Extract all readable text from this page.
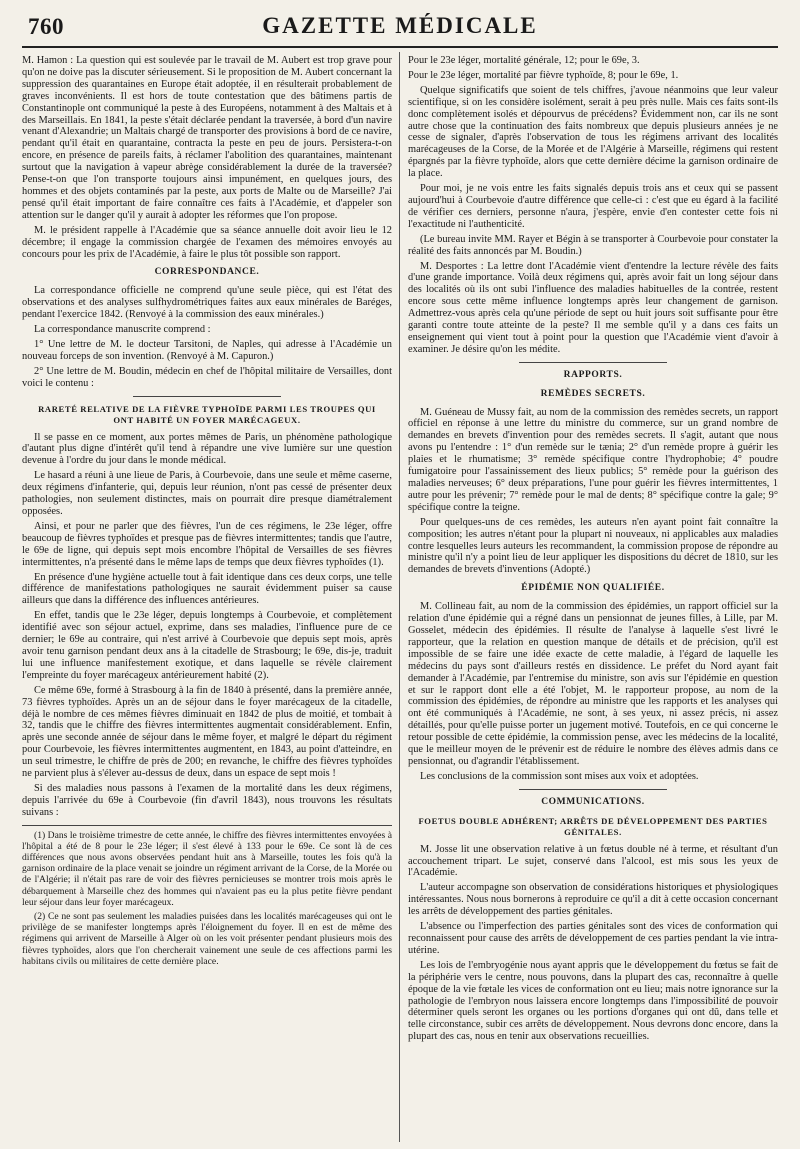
760	GAZETTE MÉDICALE

M. Hamon : La question qui est soulevée par le travail de M. Aubert est trop grave pour qu'on ne doive pas la discuter sérieusement. Si le proposition de M. Aubert concernant la suppression des quarantaines en Europe était adoptée, il en résulterait probablement de graves inconvénients. Il est hors de toute contestation que des bâtimens partis de Constantinople ont communiqué la peste à des Européens, notamment à des Maltais et à des Marseillais. En 1841, la peste s'était déclarée pendant la traversée, à bord d'un navire venant d'Alexandrie; un Maltais chargé de transporter des provisions à bord de ce navire, pendant qu'il était en quarantaine, contracta la peste en peu de jours. Persistera-t-on encore, en présence de pareils faits, à réclamer l'abolition des quarantaines, maintenant surtout que la navigation à vapeur abrège considérablement la durée de la traversée? Pense-t-on que l'on transporte toujours ainsi impunément, en quelques jours, des hommes et des objets contaminés par la peste, aux ports de Malte ou de Marseille? J'ai pensé qu'il était important de faire connaître ces faits à l'Académie, et d'appeler son attention sur le danger qu'il y aurait à adopter les réformes que l'on propose.

M. le président rappelle à l'Académie que sa séance annuelle doit avoir lieu le 12 décembre; il engage la commission chargée de l'examen des mémoires envoyés au concours pour les prix de l'Académie, à faire le plus tôt possible son rapport.

CORRESPONDANCE.

La correspondance officielle ne comprend qu'une seule pièce, qui est l'état des observations et des analyses sulfhydrométriques faites aux eaux minérales de Baréges, pendant l'exercice 1842. (Renvoyé à la commission des eaux minérales.)

La correspondance manuscrite comprend :

1° Une lettre de M. le docteur Tarsitoni, de Naples, qui adresse à l'Académie un nouveau forceps de son invention. (Renvoyé à M. Capuron.)

2° Une lettre de M. Boudin, médecin en chef de l'hôpital militaire de Versailles, dont voici le contenu :

RARETÉ RELATIVE DE LA FIÈVRE TYPHOÏDE PARMI LES TROUPES QUI ONT HABITÉ UN FOYER MARÉCAGEUX.

Il se passe en ce moment, aux portes mêmes de Paris, un phénomène pathologique d'autant plus digne d'intérêt qu'il tend à répandre une vive lumière sur une question devenue à l'ordre du jour dans le monde médical.

Le hasard a réuni à une lieue de Paris, à Courbevoie, dans une seule et même caserne, deux régimens d'infanterie, qui, depuis leur réunion, n'ont pas cessé de présenter deux pathologies, non seulement distinctes, mais on pourrait dire presque diamétralement opposées.

Ainsi, et pour ne parler que des fièvres, l'un de ces régimens, le 23e léger, offre beaucoup de fièvres typhoïdes et presque pas de fièvres intermittentes; tandis que l'autre, le 69e de ligne, qui depuis sept mois encombre l'hôpital de Versailles de ses fièvres intermittentes, n'a présenté dans le même laps de temps que deux fièvres typhoïdes (1).

En présence d'une hygiène actuelle tout à fait identique dans ces deux corps, une telle différence de manifestations pathologiques ne saurait évidemment puiser sa cause ailleurs que dans la différence des influences antérieures.

En effet, tandis que le 23e léger, depuis longtemps à Courbevoie, et complètement identifié avec son séjour actuel, exprime, dans ses maladies, l'influence pure de ce dernier; le 69e au contraire, qui n'est arrivé à Courbevoie que depuis sept mois, après avoir tenu garnison pendant deux ans à la citadelle de Strasbourg; le 69e, dis-je, traduit lui une influence manifestement exotique, et dans laquelle se révèle clairement l'empreinte du foyer marécageux antérieurement habité (2).

Ce même 69e, formé à Strasbourg à la fin de 1840 à présenté, dans la première année, 73 fièvres typhoïdes. Après un an de séjour dans le foyer marécageux de la citadelle, déjà le nombre de ces mêmes fièvres diminuait en 1842 de plus de moitié, et tombait à 32, tandis que le chiffre des fièvres intermittentes augmentait considérablement. Enfin, après une seconde année de séjour dans le même foyer, et malgré le départ du régiment pour Courbevoie, les fièvres intermittentes augmentent, en 1843, au point d'atteindre, en un seul trimestre, le chiffre de près de 200; en revanche, le chiffre des fièvres typhoïdes ne parvient plus à s'élever au-dessus de deux, dans un espace de sept mois !

Si des maladies nous passons à l'examen de la mortalité dans les deux régimens, depuis l'arrivée du 69e à Courbevoie (fin d'avril 1843), nous trouvons les résultats suivans :

(1) Dans le troisième trimestre de cette année, le chiffre des fièvres intermittentes envoyées à l'hôpital a été de 8 pour le 23e léger; il s'est élevé à 133 pour le 69e. Ce sont là de ces différences que nous avons observées pendant huit ans à Marseille, toutes les fois qu'à la garnison ordinaire de la place venait se joindre un régiment arrivant de la Corse, de la Morée ou de l'Algérie; il n'était pas rare de voir des fièvres pernicieuses se montrer trois mois après le débarquement à Marseille chez des hommes qui n'avaient pas eu la plus petite fièvre pendant leur séjour dans leur foyer marécageux.

(2) Ce ne sont pas seulement les maladies puisées dans les localités marécageuses qui ont le privilège de se manifester longtemps après l'éloignement du foyer. Il en est de même des régimens qui arrivent de Marseille à Alger où on les voit présenter pendant plusieurs mois des fièvres typhoïdes, alors que l'on chercherait vainement une seule de ces affections parmi les habitans civils ou militaires de cette dernière place.

Pour le 23e léger, mortalité générale, 12; pour le 69e, 3.

Pour le 23e léger, mortalité par fièvre typhoïde, 8; pour le 69e, 1.

Quelque significatifs que soient de tels chiffres, j'avoue néanmoins que leur valeur scientifique, si on les considère isolément, serait à peu près nulle. Mais ces faits sont-ils donc complètement isolés et dépourvus de précédens? Évidemment non, car ils ne sont autre chose que la continuation des faits nombreux que depuis plusieurs années je ne cesse de signaler, d'après l'observation de tous les régimens arrivant des localités marécageuses de la Corse, de la Morée et de l'Algérie à Marseille, régimens qui restent épargnés par la fièvre typhoïde, alors que cette dernière décime la garnison ordinaire de la place.

Pour moi, je ne vois entre les faits signalés depuis trois ans et ceux qui se passent aujourd'hui à Courbevoie d'autre différence que celle-ci : c'est que eu égard à la facilité de vérifier ces derniers, personne n'aura, j'espère, envie d'en contester cette fois ni l'exactitude ni l'authenticité.

(Le bureau invite MM. Rayer et Bégin à se transporter à Courbevoie pour constater la réalité des faits annoncés par M. Boudin.)

M. Desportes : La lettre dont l'Académie vient d'entendre la lecture révèle des faits d'une grande importance. Voilà deux régimens qui, après avoir fait un long séjour dans des localités où ils ont subi l'influence des maladies habituelles de la contrée, restent encore sous cette même influence longtemps après leur changement de garnison. Admettrez-vous après cela qu'une période de sept ou huit jours soit suffisante pour être garanti contre toute atteinte de la peste? Il me semble qu'il y a dans ces faits un enseignement qui vient tout à point pour la question que l'Académie vient d'avoir à examiner. Je désire qu'on les médite.

RAPPORTS.

REMÈDES SECRETS.

M. Guéneau de Mussy fait, au nom de la commission des remèdes secrets, un rapport officiel en réponse à une lettre du ministre du commerce, sur un grand nombre de demandes en brevets d'invention pour des remèdes secrets. Il s'agit, autant que nous avons pu l'entendre : 1° d'un remède sur le tænia; 2° d'un remède propre à guérir les plaies et le rhumatisme; 3° remède spécifique contre l'hydrophobie; 4° poudre fumigatoire pour l'assainissement des lieux publics; 5° remède pour la guérison des maladies nerveuses; 6° deux préparations, l'une pour guérir les fièvres intermittentes, 1 autre pour les prévenir; 7° remède pour le mal de dents; 8° spécifique contre la gale; 9° spécifique contre la teigne.

Pour quelques-uns de ces remèdes, les auteurs n'en ayant point fait connaître la composition; les autres n'étant pour la plupart ni nouveaux, ni applicables aux maladies contre lesquelles leurs auteurs les recommandent, la commission propose de répondre au ministre qu'il n'y a point lieu de leur appliquer les dispositions du décret de 1810, sur les demandes de brevets d'inventions (Adopté.)

ÉPIDÉMIE NON QUALIFIÉE.

M. Collineau fait, au nom de la commission des épidémies, un rapport officiel sur la relation d'une épidémie qui a régné dans un pensionnat de jeunes filles, à Lille, par M. Gosselet, médecin des épidémies. Il résulte de l'analyse à laquelle s'est livré le rapporteur, que la relation en question manque de détails et de précision, qu'il est impossible de se faire une idée exacte de cette maladie, à l'égard de laquelle les médecins du pays sont d'ailleurs restés en dissidence. Le préfet du Nord ayant fait demander à l'Académie, par l'entremise du ministre, son avis sur l'épidémie en question et sur le rapport dont elle a été l'objet, M. le rapporteur propose, au nom de la commission des épidémies, de répondre au ministre que les rapports et les analyses qui ont été communiqués à l'Académie, ne sont, à ses yeux, ni assez précis, ni assez détaillés, pour qu'elle puisse porter un jugement motivé. Toutefois, en ce qui concerne le retour possible de cette épidémie, la commission pense, avec les médecins de la localité, que le meilleur moyen de le prévenir est de réduire le nombre des élèves admis dans ce pensionnat, ou d'agrandir l'établissement.

Les conclusions de la commission sont mises aux voix et adoptées.

COMMUNICATIONS.

FOETUS DOUBLE ADHÉRENT; ARRÊTS DE DÉVELOPPEMENT DES PARTIES GÉNITALES.

M. Josse lit une observation relative à un fœtus double né à terme, et résultant d'un accouchement tripart. Le sujet, conservé dans l'alcool, est mis sous les yeux de l'Académie.

L'auteur accompagne son observation de considérations historiques et physiologiques intéressantes. Nous nous bornerons à reproduire ce qu'il a dit à cette occasion concernant les arrêts de développement des parties génitales.

L'absence ou l'imperfection des parties génitales sont des vices de conformation qui reconnaissent pour cause des arrêts de développement de ces parties pendant la vie intra-utérine.

Les lois de l'embryogénie nous ayant appris que le développement du fœtus se fait de la périphérie vers le centre, nous pouvons, dans la plupart des cas, reconnaître à quelle époque de la vie fœtale les vices de conformation ont eu lieu; mais notre ignorance sur la pathologie de l'embryon nous laissera encore longtemps dans l'impossibilité de pouvoir déterminer quels seront les organes ou les portions d'organes qui ont dû, dans telle et telle circonstance, subir ces arrêts de développement. Nous devrons donc encore, dans la plupart des cas, nous en tenir aux observations recueillies.
